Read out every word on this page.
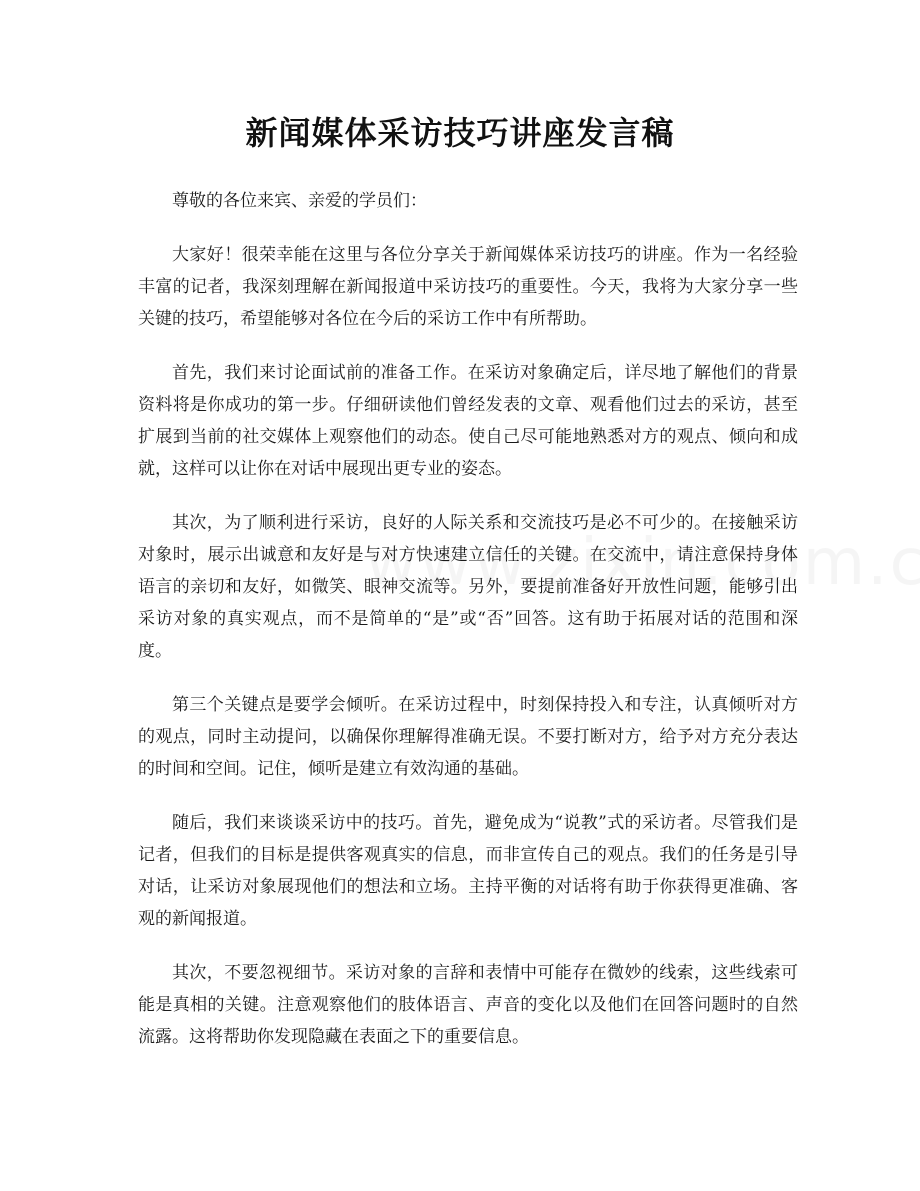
新闻媒体采访技巧讲座发言稿

尊敬的各位来宾、亲爱的学员们：

大家好！很荣幸能在这里与各位分享关于新闻媒体采访技巧的讲座。作为一名经验丰富的记者，我深刻理解在新闻报道中采访技巧的重要性。今天，我将为大家分享一些关键的技巧，希望能够对各位在今后的采访工作中有所帮助。

首先，我们来讨论面试前的准备工作。在采访对象确定后，详尽地了解他们的背景资料将是你成功的第一步。仔细研读他们曾经发表的文章、观看他们过去的采访，甚至扩展到当前的社交媒体上观察他们的动态。使自己尽可能地熟悉对方的观点、倾向和成就，这样可以让你在对话中展现出更专业的姿态。

其次，为了顺利进行采访，良好的人际关系和交流技巧是必不可少的。在接触采访对象时，展示出诚意和友好是与对方快速建立信任的关键。在交流中，请注意保持身体语言的亲切和友好，如微笑、眼神交流等。另外，要提前准备好开放性问题，能够引出采访对象的真实观点，而不是简单的“是”或“否”回答。这有助于拓展对话的范围和深度。

第三个关键点是要学会倾听。在采访过程中，时刻保持投入和专注，认真倾听对方的观点，同时主动提问，以确保你理解得准确无误。不要打断对方，给予对方充分表达的时间和空间。记住，倾听是建立有效沟通的基础。

随后，我们来谈谈采访中的技巧。首先，避免成为“说教”式的采访者。尽管我们是记者，但我们的目标是提供客观真实的信息，而非宣传自己的观点。我们的任务是引导对话，让采访对象展现他们的想法和立场。主持平衡的对话将有助于你获得更准确、客观的新闻报道。

其次，不要忽视细节。采访对象的言辞和表情中可能存在微妙的线索，这些线索可能是真相的关键。注意观察他们的肢体语言、声音的变化以及他们在回答问题时的自然流露。这将帮助你发现隐藏在表面之下的重要信息。
